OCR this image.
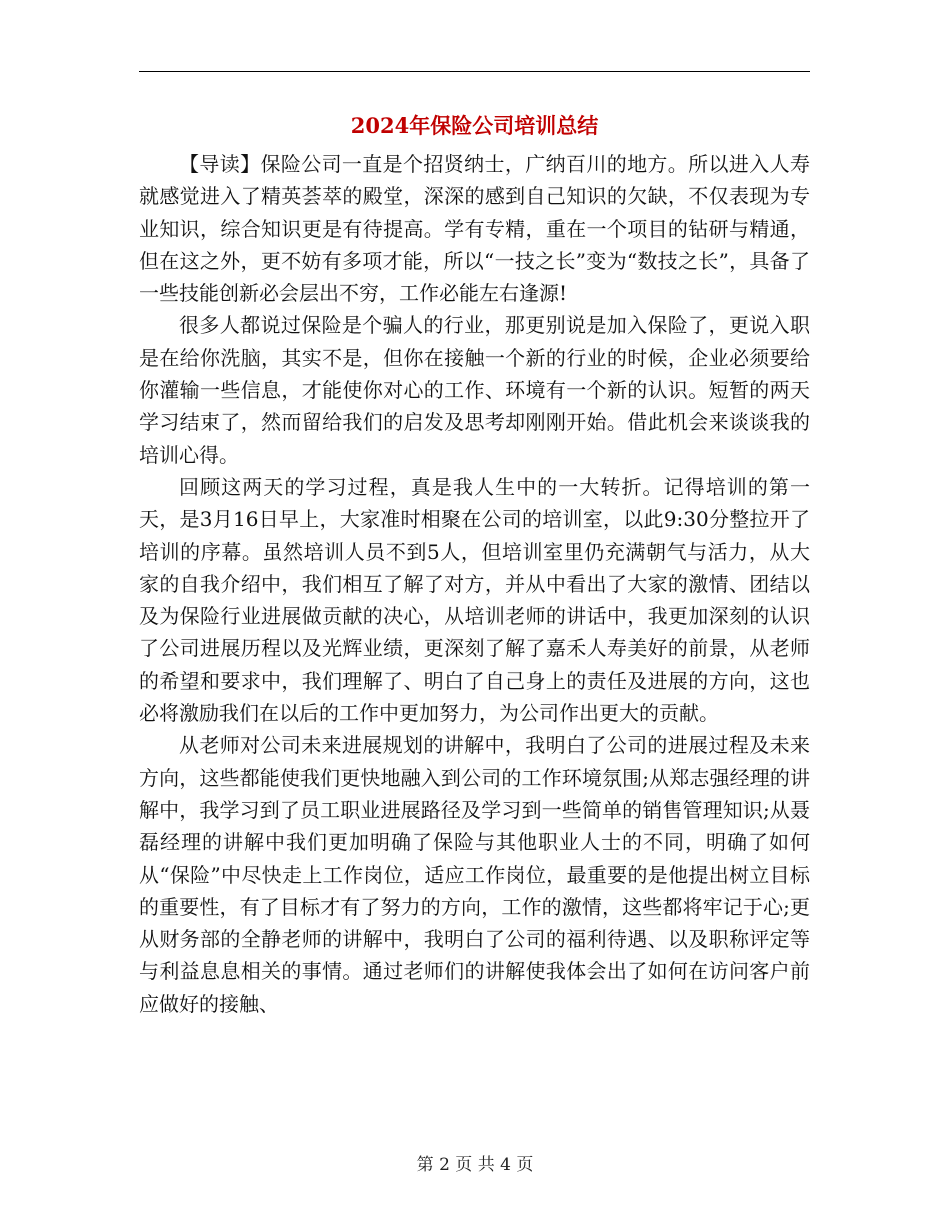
2024年保险公司培训总结

【导读】保险公司一直是个招贤纳士，广纳百川的地方。所以进入人寿就感觉进入了精英荟萃的殿堂，深深的感到自己知识的欠缺，不仅表现为专业知识，综合知识更是有待提高。学有专精，重在一个项目的钻研与精通，但在这之外，更不妨有多项才能，所以“一技之长”变为“数技之长”，具备了一些技能创新必会层出不穷，工作必能左右逢源!

很多人都说过保险是个骗人的行业，那更别说是加入保险了，更说入职是在给你洗脑，其实不是，但你在接触一个新的行业的时候，企业必须要给你灌输一些信息，才能使你对心的工作、环境有一个新的认识。短暂的两天学习结束了，然而留给我们的启发及思考却刚刚开始。借此机会来谈谈我的培训心得。

回顾这两天的学习过程，真是我人生中的一大转折。记得培训的第一天，是3月16日早上，大家准时相聚在公司的培训室，以此9:30分整拉开了培训的序幕。虽然培训人员不到5人，但培训室里仍充满朝气与活力，从大家的自我介绍中，我们相互了解了对方，并从中看出了大家的激情、团结以及为保险行业进展做贡献的决心，从培训老师的讲话中，我更加深刻的认识了公司进展历程以及光辉业绩，更深刻了解了嘉禾人寿美好的前景，从老师的希望和要求中，我们理解了、明白了自己身上的责任及进展的方向，这也必将激励我们在以后的工作中更加努力，为公司作出更大的贡献。

从老师对公司未来进展规划的讲解中，我明白了公司的进展过程及未来方向，这些都能使我们更快地融入到公司的工作环境氛围;从郑志强经理的讲解中，我学习到了员工职业进展路径及学习到一些简单的销售管理知识;从聂磊经理的讲解中我们更加明确了保险与其他职业人士的不同，明确了如何从“保险”中尽快走上工作岗位，适应工作岗位，最重要的是他提出树立目标的重要性，有了目标才有了努力的方向，工作的激情，这些都将牢记于心;更从财务部的全静老师的讲解中，我明白了公司的福利待遇、以及职称评定等与利益息息相关的事情。通过老师们的讲解使我体会出了如何在访问客户前应做好的接触、

第 2 页 共 4 页
